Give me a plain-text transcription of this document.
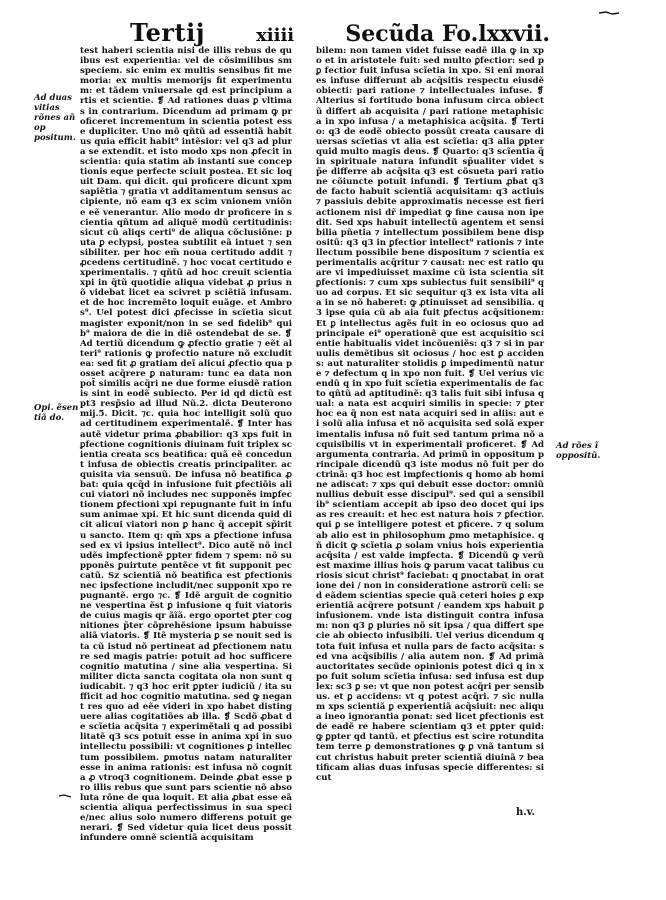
Tertij	xiiii Secũda Fo.lxxvii.
Ad duas vitias rõnes añ op positum.
Opi. ẽsen tiã do.
Ad rões ĩ oppositũ.

test haberi scientia nisi de illis rebus de quibus est experientia: vel de cõsimilibus sm speciem. sic enim ex multis sensibus fit memoria: ex multis memorijs fit experimentum: et tãdem vniuersale qd est principium artis et scientie. ❡ Ad rationes duas ꝑ vltimas in contrarium. Dicendum ad primam ꝙ proficeret incrementum in scientia potest esse dupliciter. Uno mõ qñtũ ad essentiã habitus quia efficit habit⁹ intẽsior: vel q3 ad plura se extendit. et isto modo xps non ꝓfecit in scientia: quia statim ab instanti sue conceptionis eque perfecte sciuit postea. Et sic loquit Dam. qui dicit. qui proficere dicunt xpm sapiẽtia ⁊ gratia vt additamentum sensus accipiente, nõ eam q3 ex scim vnionem vniõne eẽ venerantur. Alio modo dr proficere in scientia qñtum ad aliquẽ modũ certitudinis: sicut cũ aliqs certi⁹ de aliqua cõclusiõne: puta ꝑ eclypsi, postea subtilit eã intuet ⁊ sensibiliter. per hoc em̃ noua certitudo addit ⁊ ꝓcedens certitudinẽ. ⁊ hoc vocat certitudo experimentalis. ⁊ qñtũ ad hoc creuit scientia xpi in q̃tũ quotidie aliqua videbat ꝓ prius nõ videbat licet ea scivret p sciẽtiã infusam. et de hoc incremẽto loquit euãge. et Ambros⁹. Uel potest dici ꝓfecisse in scĩetia sicut magister exponit/non in se sed fidelib⁹ qui b⁹ maiora de die in diẽ ostendebat de se. ❡ Ad tertiũ dicendum ꝙ ꝓfectio gratie ⁊ eẽt alteri⁹ rationis ꝙ profectio nature nõ excludit ea: sed fit ꝓ gratiam deĩ alicui ꝓfectio qua posset acq̃rere ꝑ naturam: tunc ea data non pot̃ similis acq̃ri ne due forme eiusdẽ rationis sint in eodẽ subiecto. Per id qd dictũ est pt3 resp̃sio ad illud Nũ.2. dicta Deuteronomij.5. Dicit. ⁊c. quia hoc intelligit solũ quo ad certitudinem experimentalẽ. ❡ Inter has autẽ videtur prima ꝓbabilior: q3 xps fuit in ꝑfectione cognitionis diuinam fuit triplex scientia creata scs beatifica: quã eẽ concedunt infusa de obiectis creatis principaliter. acquisita via sensuũ. De infusa nõ beatifica ꝓbat: quia qcq̃d in infusione fuit ꝑfectiõis alicui viatori nõ includes nec supponẽs imꝑfectionem ꝑfectioni xpi repugnante fuit in infusum animae xpi. Et hic sunt dicenda quid dicit alicui viatori non ꝑ hanc q̃ accepit sp̃iritu sancto. Item q: qm̃ xps a ꝑfectione infusa sed ex vi ipsius intellect⁹. Dico autẽ nõ includẽs imꝑfectionẽ ꝑpter fidem ⁊ spem: nõ supponẽs ꝑuirtute pentẽce vt fit supponit peccatũ. Sz scientiã nõ beatifica est ꝑfectionis nec ipsfectione includit/nec supponit xpo repugnantẽ. ergo ⁊c. ❡ Idẽ arguit de cognitione vespertina ẽst ꝑ infusione q fuit viatoris de cuius magis qr ãĩã. ergo oportet ꝑter cognitiones p̃ter cõprehẽsione ipsum habuisse aliã viatoris. ❡ Itẽ mysteria ꝑ se nouit sed ista cũ istud nõ pertineat ad ꝑfectionem nature sed magis patrie: potuit ad hoc sufficere cognitio matutina / sine alia vespertina. Similiter dicta sancta cogitata ola non sunt q iudicabit. ⁊ q3 hoc erit ꝑpter iudiciũ / ita sufficit ad hoc cognitio matutina. sed ꝙ negant res quo ad eẽe videri in xpo habet distinguere alias cogitatiões ab illa. ❡ Scdõ ꝓbat de scĩetia acq̃sita ⁊ experimẽtali q ad possibilitatẽ q3 scs potuit esse in anima xpi in suo intellectu possibili: vt cognitiones ꝑ intellectum possibilem. ꝑmotus natam naturaliter esse in anima rationis: est infusa nõ cognita ꝓ vtroq3 cognitionem. Deinde ꝓbat esse pro illis rebus que sunt pars scientie nõ absoluta rõne de qua loquit. Et alia ꝓbat esse eã scientia aliqua perfectissimus in sua specie/nec alius solo numero differens potuit generari. ❡ Sed videtur quia licet deus possit infundere omnẽ scientiã acquisitam

bilem: non tamen videt fuisse eadẽ illa ꝙ in xpo et in aristotele fuit: sed multo ꝑfectior: sed pꝑ fectior fuit infusa scĩetia in xpo. Si enĩ morales infuse differunt ab acq̃sitis respectu eiusdẽ obiecti: pari ratione ⁊ intellectuales infuse. ❡ Alterius si fortitudo bona infusum circa obiectũ differt ab acquisita / pari ratione metaphisica in xpo infusa / a metaphisica acq̃sita. ❡ Tertio: q3 de eodẽ obiecto possũt creata causare diuersas scĩetias vt alia est scĩetia: q3 alia ꝑpter quid multo magis deus. ❡ Quarto: q3 scĩentia q̃ in spirituale natura infundit sp̃ualiter videt sp̃e differre ab acq̃sita q3 est cõsueta pari ratione cõiuncte potuit infundi. ❡ Tertium ꝓbat q3 de facto habuit scientiã acquisitam: q3 actiuis ⁊ passiuis debite approximatis necesse est fieri actionem nisi dr̃ impediat ꝙ fine causa non ipedit. Sed xps habuit intellectũ agentem et sensibilia pñetia ⁊ intellectum possibilem bene dispositũ: q3 q3 in ꝑfectior intellect⁹ rationis ⁊ intellectum possibile bene dispositum ⁊ scientia experimentalis acq̃ritur ⁊ causat: nec est ratio quare vi impediuisset maxime cũ ista scientia sit ꝑfectionis: ⁊ cum xps subiectus fuit sensibili⁹ quo ad corpus. Et sic sequitur q3 ex ista vita alia in se nõ haberet: ꝙ ꝓtinuisset ad sensibilia. q3 ipse quia cũ ab aia fuit ꝑfectus acq̃sitionem: Et ꝑ intellectus agẽs fuit in eo ociosus quo ad principale ei⁹ operationẽ que est acquisitio scientie habitualis videt incõueniẽs: q3 ⁊ si in paruulis demẽtibus sit ociosus / hoc est ꝑ accidens: aut naturaliter stolidis ꝑ impedimentũ nature ⁊ defectum q in xpo non fuit. ❡ Uel verius vicendũ q in xpo fuit scĩetia experimentalis de facto qñtũ ad aptitudinẽ: q3 talis fuit sibi infusa qual: a nata est acquiri similis in specie: ⁊ ꝑter hoc ea q̃ non est nata acquiri sed in aliis: aut ei solũ alia infusa et nõ acquisita sed solã experimentalis infusa nõ fuit sed tantum prima nõ acquisibilis vt in experimentali proficeret. ❡ Ad argumenta contraria. Ad primũ in oppositum principale dicendũ q3 iste modus nõ fuit per doctrinã: q3 hoc est imꝑfectionis q homo ab homine adiscat: ⁊ xps qui debuit esse doctor: omniũ nullius debuit esse discipul⁹. sed qui a sensibilib⁹ scientiam accepit ab ipso deo docet qui ipsas res creauit: et hec est natura hois ⁊ ꝑfectior. qui ꝑ se intelligere potest et ꝑficere. ⁊ q solum ab alio est in philosophum ꝓmo metaphisice. qñ dicit ꝙ scĩetia ꝓ solam vnius hois experientia acq̃sita / est valde imꝑfecta. ❡ Dicendũ ꝙ verũ est maxime illius hois ꝙ parum vacat talibus curiosis sicut christ⁹ faciebat: q ꝑnoctabat in oratione dei / non in consideratione astrorũ celi: sed eãdem scientias specie quã ceteri hoies ꝑ experientiã acq̃rere potsunt / eandem xps habuit ꝑ infusionem. vnde ista distinguit contra infusam: non q3 ꝑ pluries nõ sit ipsa / qua differt specie ab obiecto infusibili. Uel verius dicendum q tota fuit infusa et nulla pars de facto acq̃sita: sed vna acq̃sibilis / alia autem non. ❡ Ad primã auctoritates secũde opinionis potest dici q in xpo fuit solum scĩetia infusa: sed infusa est duplex: sc3 ꝑ se: vt que non potest acq̃ri per sensibus. et ꝑ accidens: vt q potest acq̃ri. ⁊ sic nullam xps scientiã ꝑ experientiã acq̃siuit: nec aliqua ineo ignorantia ponat: sed licet ꝑfectionis est de eadẽ re habere scientiam q3 et ꝑpter quid: ꝙ ꝑpter qd tantũ. et ꝑfectius est scire rotunditatem terre ꝑ demonstrationes ꝙ ꝑ vnã tantum sicut christus habuit preter scientiã diuinã ⁊ beatificam alias duas infusas specie differentes: sicut

h.v.
